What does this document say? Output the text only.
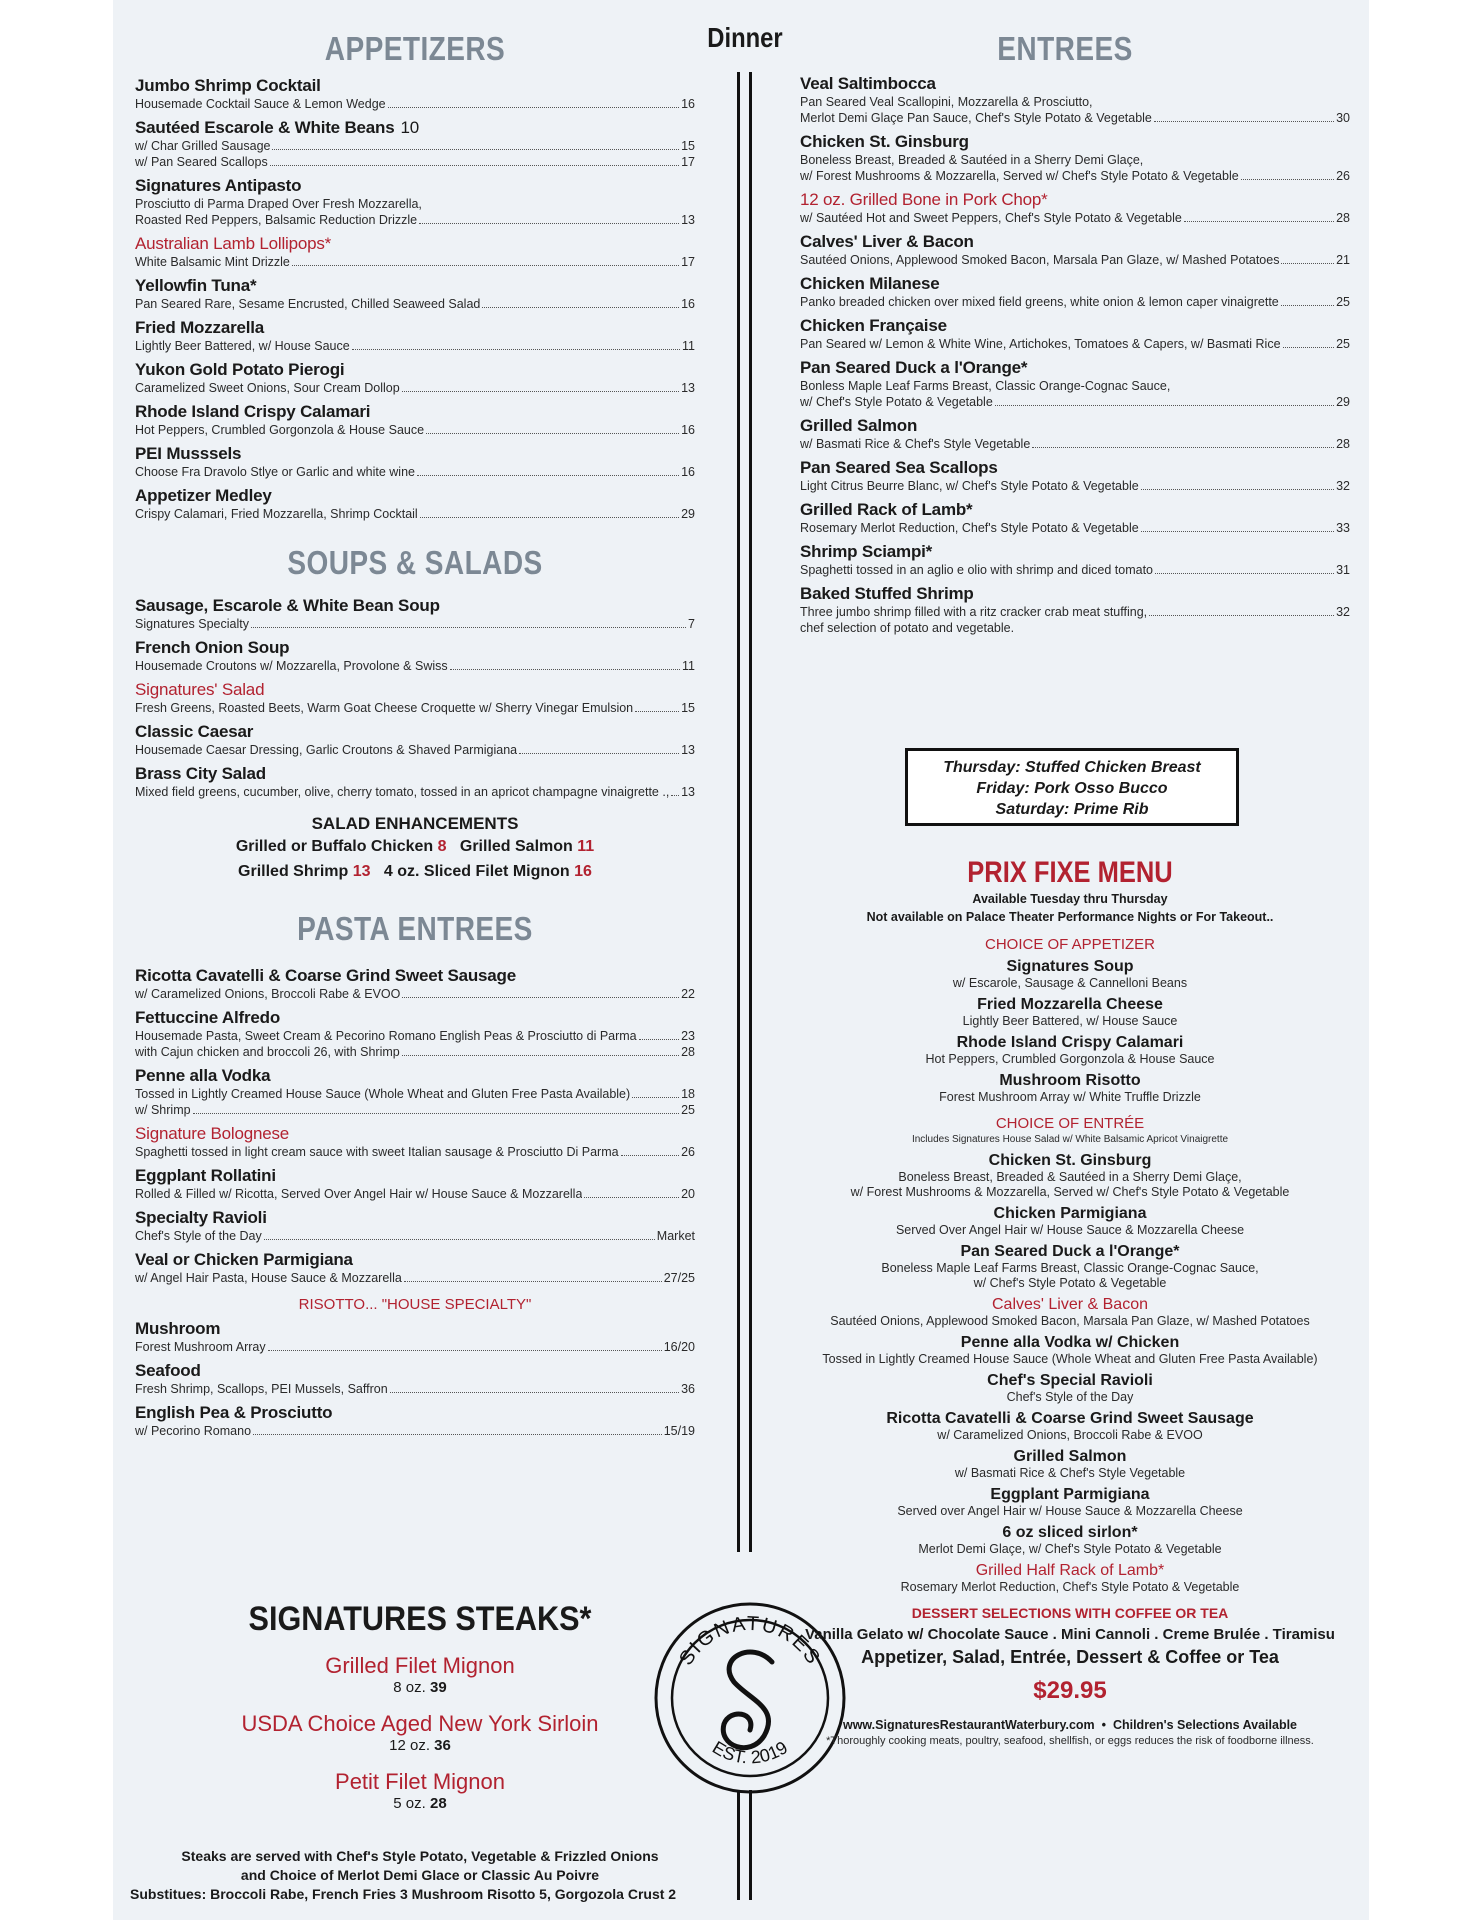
Dinner
APPETIZERS
Jumbo Shrimp Cocktail
Housemade Cocktail Sauce & Lemon Wedge	16
Sautéed Escarole & White Beans 10
w/ Char Grilled Sausage	15
w/ Pan Seared Scallops	17
Signatures Antipasto
Prosciutto di Parma Draped Over Fresh Mozzarella,
Roasted Red Peppers, Balsamic Reduction Drizzle	13
Australian Lamb Lollipops*
White Balsamic Mint Drizzle	17
Yellowfin Tuna*
Pan Seared Rare, Sesame Encrusted, Chilled Seaweed Salad	16
Fried Mozzarella
Lightly Beer Battered, w/ House Sauce	11
Yukon Gold Potato Pierogi
Caramelized Sweet Onions, Sour Cream Dollop	13
Rhode Island Crispy Calamari
Hot Peppers, Crumbled Gorgonzola & House Sauce	16
PEI Musssels
Choose Fra Dravolo Stlye or Garlic and white wine	16
Appetizer Medley
Crispy Calamari, Fried Mozzarella, Shrimp Cocktail	29
SOUPS & SALADS
Sausage, Escarole & White Bean Soup
Signatures Specialty	7
French Onion Soup
Housemade Croutons w/ Mozzarella, Provolone & Swiss	11
Signatures' Salad
Fresh Greens, Roasted Beets, Warm Goat Cheese Croquette w/ Sherry Vinegar Emulsion	15
Classic Caesar
Housemade Caesar Dressing, Garlic Croutons & Shaved Parmigiana	13
Brass City Salad
Mixed field greens, cucumber, olive, cherry tomato, tossed in an apricot champagne vinaigrette ., 13
SALAD ENHANCEMENTS
Grilled or Buffalo Chicken 8 Grilled Salmon 11
Grilled Shrimp 13 4 oz. Sliced Filet Mignon 16
PASTA ENTREES
Ricotta Cavatelli & Coarse Grind Sweet Sausage
w/ Caramelized Onions, Broccoli Rabe & EVOO	22
Fettuccine Alfredo
Housemade Pasta, Sweet Cream & Pecorino Romano English Peas & Prosciutto di Parma	23
with Cajun chicken and broccoli 26, with Shrimp	28
Penne alla Vodka
Tossed in Lightly Creamed House Sauce (Whole Wheat and Gluten Free Pasta Available)	18
w/ Shrimp	25
Signature Bolognese
Spaghetti tossed in light cream sauce with sweet Italian sausage & Prosciutto Di Parma	26
Eggplant Rollatini
Rolled & Filled w/ Ricotta, Served Over Angel Hair w/ House Sauce & Mozzarella	20
Specialty Ravioli
Chef's Style of the Day	Market
Veal or Chicken Parmigiana
w/ Angel Hair Pasta, House Sauce & Mozzarella	27/25
RISOTTO... "HOUSE SPECIALTY"
Mushroom
Forest Mushroom Array	16/20
Seafood
Fresh Shrimp, Scallops, PEI Mussels, Saffron	36
English Pea & Prosciutto
w/ Pecorino Romano	15/19
SIGNATURES STEAKS*
Grilled Filet Mignon
8 oz. 39
USDA Choice Aged New York Sirloin
12 oz. 36
Petit Filet Mignon
5 oz. 28
Steaks are served with Chef's Style Potato, Vegetable & Frizzled Onions
and Choice of Merlot Demi Glace or Classic Au Poivre
Substitues: Broccoli Rabe, French Fries 3 Mushroom Risotto 5, Gorgozola Crust 2
SIGNATURES
EST. 2019
ENTREES
Veal Saltimbocca
Pan Seared Veal Scallopini, Mozzarella & Prosciutto,
Merlot Demi Glaçe Pan Sauce, Chef's Style Potato & Vegetable	30
Chicken St. Ginsburg
Boneless Breast, Breaded & Sautéed in a Sherry Demi Glaçe,
w/ Forest Mushrooms & Mozzarella, Served w/ Chef's Style Potato & Vegetable	26
12 oz. Grilled Bone in Pork Chop*
w/ Sautéed Hot and Sweet Peppers, Chef's Style Potato & Vegetable	28
Calves' Liver & Bacon
Sautéed Onions, Applewood Smoked Bacon, Marsala Pan Glaze, w/ Mashed Potatoes	21
Chicken Milanese
Panko breaded chicken over mixed field greens, white onion & lemon caper vinaigrette	25
Chicken Française
Pan Seared w/ Lemon & White Wine, Artichokes, Tomatoes & Capers, w/ Basmati Rice	25
Pan Seared Duck a l'Orange*
Bonless Maple Leaf Farms Breast, Classic Orange-Cognac Sauce,
w/ Chef's Style Potato & Vegetable	29
Grilled Salmon
w/ Basmati Rice & Chef's Style Vegetable	28
Pan Seared Sea Scallops
Light Citrus Beurre Blanc, w/ Chef's Style Potato & Vegetable	32
Grilled Rack of Lamb*
Rosemary Merlot Reduction, Chef's Style Potato & Vegetable	33
Shrimp Sciampi*
Spaghetti tossed in an aglio e olio with shrimp and diced tomato	31
Baked Stuffed Shrimp
Three jumbo shrimp filled with a ritz cracker crab meat stuffing,	32
chef selection of potato and vegetable.
Thursday: Stuffed Chicken Breast
Friday: Pork Osso Bucco
Saturday: Prime Rib
PRIX FIXE MENU
Available Tuesday thru Thursday
Not available on Palace Theater Performance Nights or For Takeout..
CHOICE OF APPETIZER
Signatures Soup
w/ Escarole, Sausage & Cannelloni Beans
Fried Mozzarella Cheese
Lightly Beer Battered, w/ House Sauce
Rhode Island Crispy Calamari
Hot Peppers, Crumbled Gorgonzola & House Sauce
Mushroom Risotto
Forest Mushroom Array w/ White Truffle Drizzle
CHOICE OF ENTRÉE
Includes Signatures House Salad w/ White Balsamic Apricot Vinaigrette
Chicken St. Ginsburg
Boneless Breast, Breaded & Sautéed in a Sherry Demi Glaçe,
w/ Forest Mushrooms & Mozzarella, Served w/ Chef's Style Potato & Vegetable
Chicken Parmigiana
Served Over Angel Hair w/ House Sauce & Mozzarella Cheese
Pan Seared Duck a l'Orange*
Boneless Maple Leaf Farms Breast, Classic Orange-Cognac Sauce,
w/ Chef's Style Potato & Vegetable
Calves' Liver & Bacon
Sautéed Onions, Applewood Smoked Bacon, Marsala Pan Glaze, w/ Mashed Potatoes
Penne alla Vodka w/ Chicken
Tossed in Lightly Creamed House Sauce (Whole Wheat and Gluten Free Pasta Available)
Chef's Special Ravioli
Chef's Style of the Day
Ricotta Cavatelli & Coarse Grind Sweet Sausage
w/ Caramelized Onions, Broccoli Rabe & EVOO
Grilled Salmon
w/ Basmati Rice & Chef's Style Vegetable
Eggplant Parmigiana
Served over Angel Hair w/ House Sauce & Mozzarella Cheese
6 oz sliced sirlon*
Merlot Demi Glaçe, w/ Chef's Style Potato & Vegetable
Grilled Half Rack of Lamb*
Rosemary Merlot Reduction, Chef's Style Potato & Vegetable
DESSERT SELECTIONS WITH COFFEE OR TEA
Vanilla Gelato w/ Chocolate Sauce . Mini Cannoli . Creme Brulée . Tiramisu
Appetizer, Salad, Entrée, Dessert & Coffee or Tea
$29.95
www.SignaturesRestaurantWaterbury.com • Children's Selections Available
*Thoroughly cooking meats, poultry, seafood, shellfish, or eggs reduces the risk of foodborne illness.
